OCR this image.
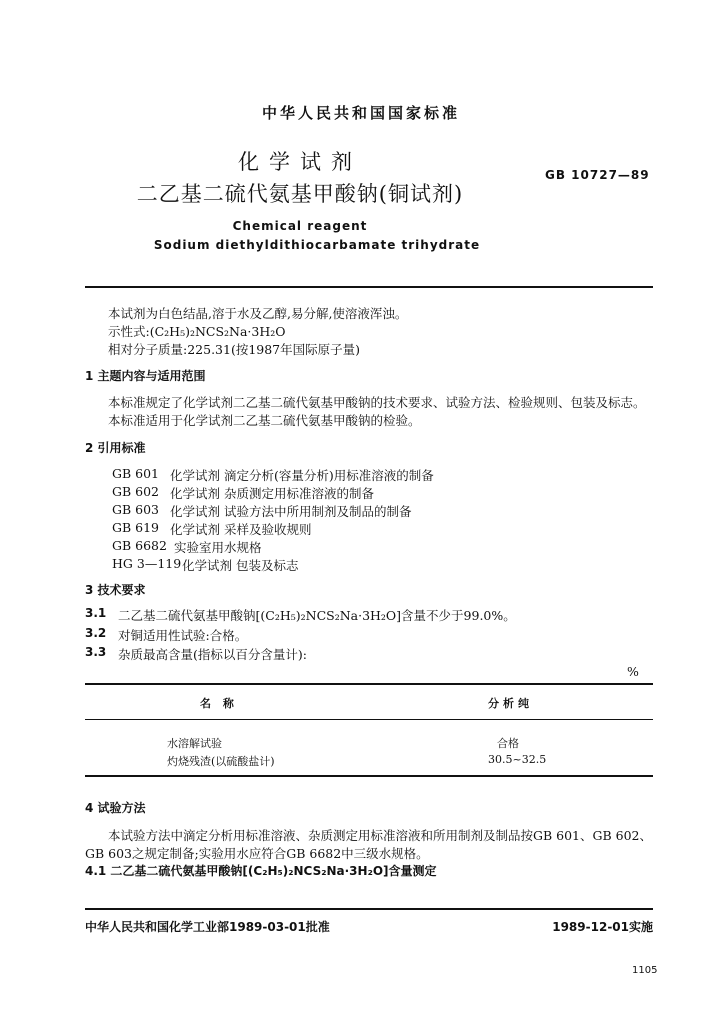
中华人民共和国国家标准
化学试剂
二乙基二硫代氨基甲酸钠(铜试剂)
GB 10727—89
Chemical reagent
Sodium diethyldithiocarbamate trihydrate
本试剂为白色结晶,溶于水及乙醇,易分解,使溶液浑浊。
示性式:(C₂H₅)₂NCS₂Na·3H₂O
相对分子质量:225.31(按1987年国际原子量)
1 主题内容与适用范围
本标准规定了化学试剂二乙基二硫代氨基甲酸钠的技术要求、试验方法、检验规则、包装及标志。
本标准适用于化学试剂二乙基二硫代氨基甲酸钠的检验。
2 引用标准
GB 601 化学试剂 滴定分析(容量分析)用标准溶液的制备
GB 602 化学试剂 杂质测定用标准溶液的制备
GB 603 化学试剂 试验方法中所用制剂及制品的制备
GB 619 化学试剂 采样及验收规则
GB 6682 实验室用水规格
HG 3—119 化学试剂 包装及标志
3 技术要求
3.1 二乙基二硫代氨基甲酸钠[(C₂H₅)₂NCS₂Na·3H₂O]含量不少于99.0%。
3.2 对铜适用性试验:合格。
3.3 杂质最高含量(指标以百分含量计):
%
名 称	分析纯
水溶解试验	合格
灼烧残渣(以硫酸盐计)	30.5~32.5
4 试验方法
本试验方法中滴定分析用标准溶液、杂质测定用标准溶液和所用制剂及制品按GB 601、GB 602、
GB 603之规定制备;实验用水应符合GB 6682中三级水规格。
4.1 二乙基二硫代氨基甲酸钠[(C₂H₅)₂NCS₂Na·3H₂O]含量测定
中华人民共和国化学工业部1989-03-01批准	1989-12-01实施
1105
